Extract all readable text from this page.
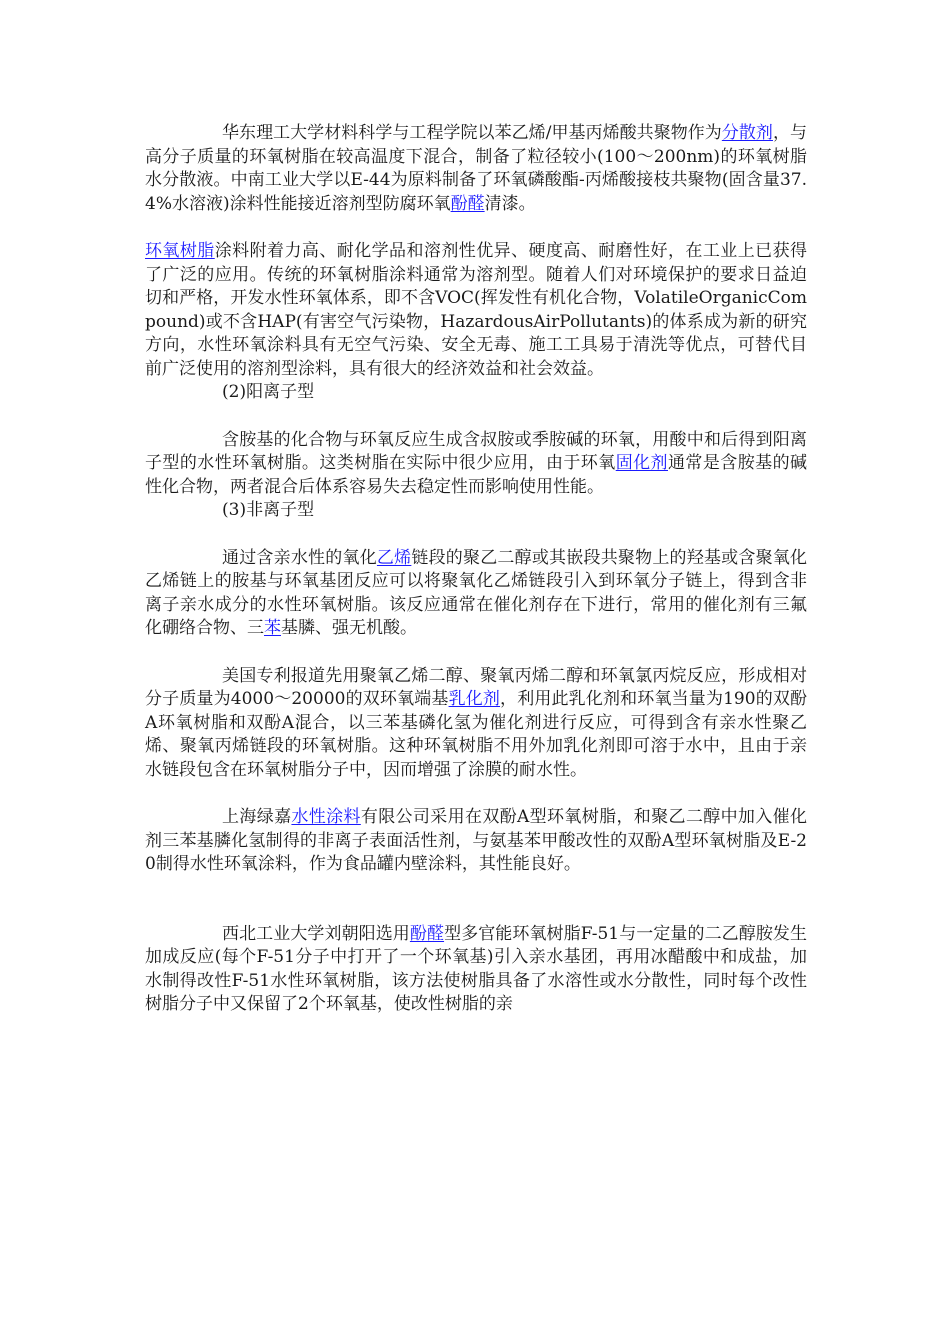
华东理工大学材料科学与工程学院以苯乙烯/甲基丙烯酸共聚物作为分散剂，与高分子质量的环氧树脂在较高温度下混合，制备了粒径较小(100～200nm)的环氧树脂水分散液。中南工业大学以E-44为原料制备了环氧磷酸酯-丙烯酸接枝共聚物(固含量37.4%水溶液)涂料性能接近溶剂型防腐环氧酚醛清漆。

环氧树脂涂料附着力高、耐化学品和溶剂性优异、硬度高、耐磨性好，在工业上已获得了广泛的应用。传统的环氧树脂涂料通常为溶剂型。随着人们对环境保护的要求日益迫切和严格，开发水性环氧体系，即不含VOC(挥发性有机化合物，VolatileOrganicCompound)或不含HAP(有害空气污染物，HazardousAirPollutants)的体系成为新的研究方向，水性环氧涂料具有无空气污染、安全无毒、施工工具易于清洗等优点，可替代目前广泛使用的溶剂型涂料，具有很大的经济效益和社会效益。

(2)阳离子型

含胺基的化合物与环氧反应生成含叔胺或季胺碱的环氧，用酸中和后得到阳离子型的水性环氧树脂。这类树脂在实际中很少应用，由于环氧固化剂通常是含胺基的碱性化合物，两者混合后体系容易失去稳定性而影响使用性能。

(3)非离子型

通过含亲水性的氧化乙烯链段的聚乙二醇或其嵌段共聚物上的羟基或含聚氧化乙烯链上的胺基与环氧基团反应可以将聚氧化乙烯链段引入到环氧分子链上，得到含非离子亲水成分的水性环氧树脂。该反应通常在催化剂存在下进行，常用的催化剂有三氟化硼络合物、三苯基膦、强无机酸。

美国专利报道先用聚氧乙烯二醇、聚氧丙烯二醇和环氧氯丙烷反应，形成相对分子质量为4000～20000的双环氧端基乳化剂，利用此乳化剂和环氧当量为190的双酚A环氧树脂和双酚A混合，以三苯基磷化氢为催化剂进行反应，可得到含有亲水性聚乙烯、聚氧丙烯链段的环氧树脂。这种环氧树脂不用外加乳化剂即可溶于水中，且由于亲水链段包含在环氧树脂分子中，因而增强了涂膜的耐水性。

上海绿嘉水性涂料有限公司采用在双酚A型环氧树脂，和聚乙二醇中加入催化剂三苯基膦化氢制得的非离子表面活性剂，与氨基苯甲酸改性的双酚A型环氧树脂及E-20制得水性环氧涂料，作为食品罐内壁涂料，其性能良好。

西北工业大学刘朝阳选用酚醛型多官能环氧树脂F-51与一定量的二乙醇胺发生加成反应(每个F-51分子中打开了一个环氧基)引入亲水基团，再用冰醋酸中和成盐，加水制得改性F-51水性环氧树脂，该方法使树脂具备了水溶性或水分散性，同时每个改性树脂分子中又保留了2个环氧基，使改性树脂的亲
